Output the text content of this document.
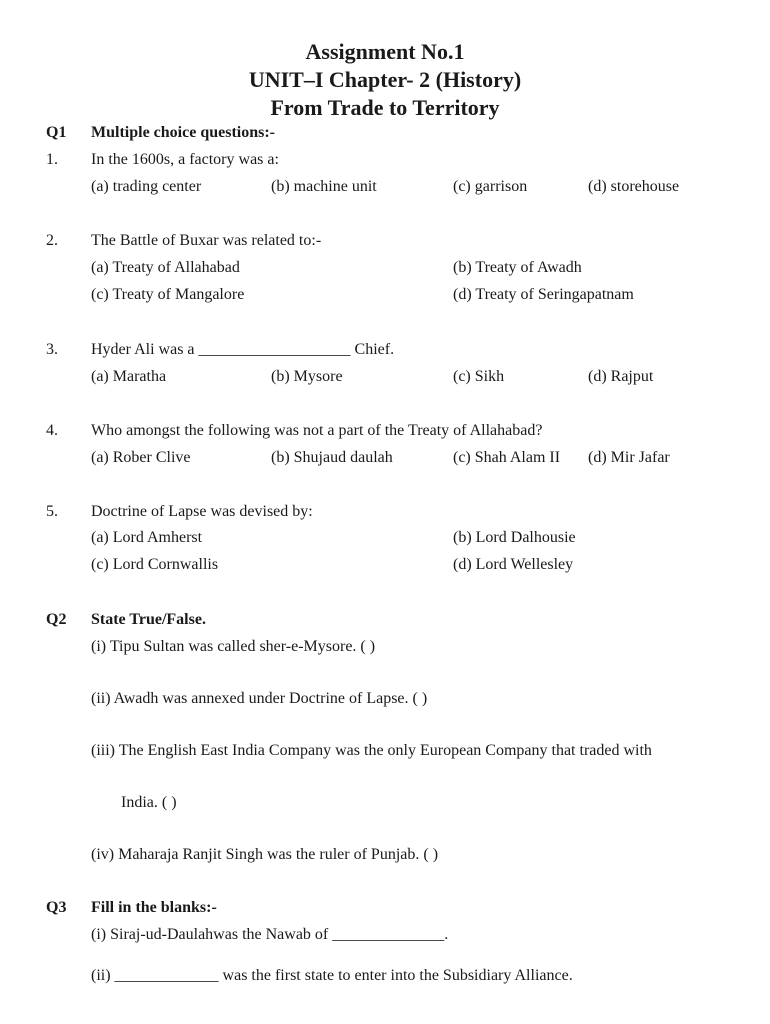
Assignment No.1
UNIT–I Chapter- 2 (History)
From Trade to Territory
Q1 Multiple choice questions:-
1. In the 1600s, a factory was a:
(a) trading center	(b) machine unit	(c) garrison	(d) storehouse
2. The Battle of Buxar was related to:-
(a) Treaty of Allahabad	(b) Treaty of Awadh
(c) Treaty of Mangalore	(d) Treaty of Seringapatnam
3. Hyder Ali was a ___________________ Chief.
(a) Maratha	(b) Mysore	(c) Sikh	(d) Rajput
4. Who amongst the following was not a part of the Treaty of Allahabad?
(a) Rober Clive	(b) Shujaud daulah	(c) Shah Alam II (d) Mir Jafar
5. Doctrine of Lapse was devised by:
(a) Lord Amherst	(b) Lord Dalhousie
(c) Lord Cornwallis	(d) Lord Wellesley
Q2 State True/False.
(i) Tipu Sultan was called sher-e-Mysore. ( )
(ii) Awadh was annexed under Doctrine of Lapse. ( )
(iii) The English East India Company was the only European Company that traded with
India. ( )
(iv) Maharaja Ranjit Singh was the ruler of Punjab. ( )
Q3 Fill in the blanks:-
(i) Siraj-ud-Daulahwas the Nawab of ______________.
(ii) _____________ was the first state to enter into the Subsidiary Alliance.
